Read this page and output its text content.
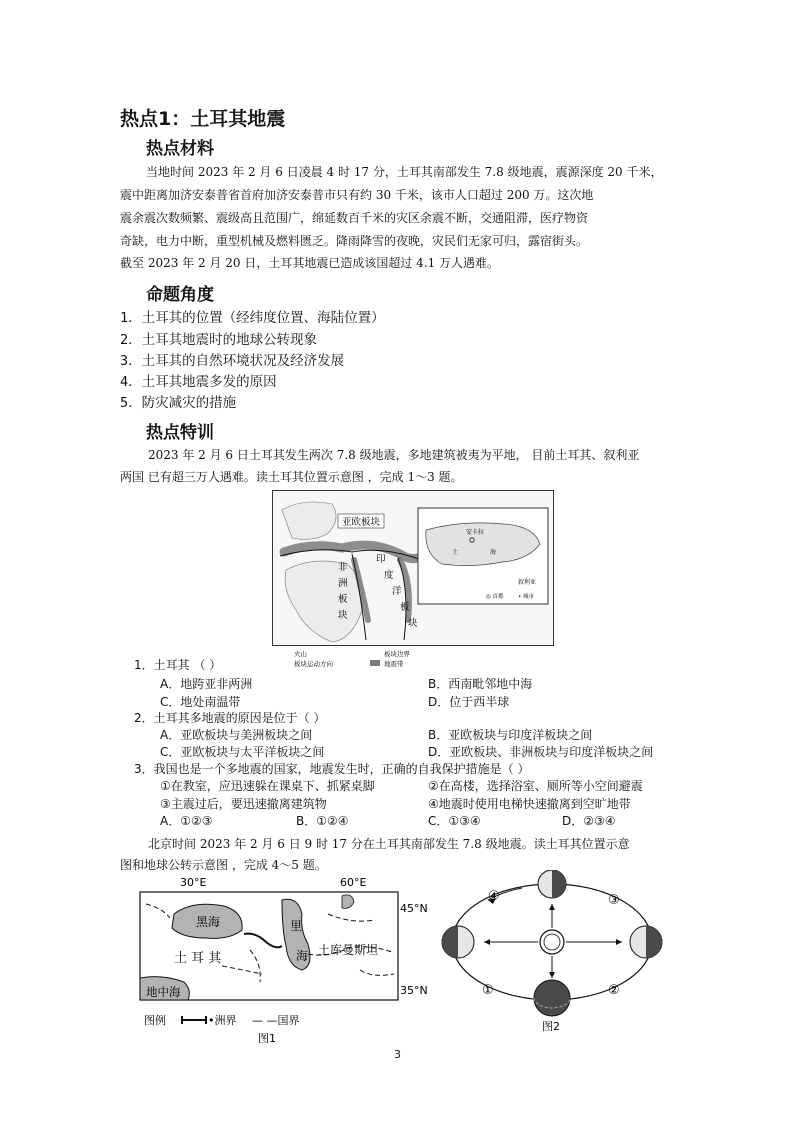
热点1：土耳其地震
热点材料
当地时间 2023 年 2 月 6 日凌晨 4 时 17 分，土耳其南部发生 7.8 级地震，震源深度 20 千米，
震中距离加济安泰普省首府加济安泰普市只有约 30 千米，该市人口超过 200 万。这次地
震余震次数频繁、震级高且范围广，绵延数百千米的灾区余震不断，交通阻滞，医疗物资
奇缺，电力中断，重型机械及燃料匮乏。降雨降雪的夜晚，灾民们无家可归，露宿街头。
截至 2023 年 2 月 20 日，土耳其地震已造成该国超过 4.1 万人遇难。
命题角度
1．土耳其的位置（经纬度位置、海陆位置）
2．土耳其地震时的地球公转现象
3．土耳其的自然环境状况及经济发展
4．土耳其地震多发的原因
5．防灾减灾的措施
热点特训
2023 年 2 月 6 日土耳其发生两次 7.8 级地震，多地建筑被夷为平地， 目前土耳其、叙利亚
两国 已有超三万人遇难。读土耳其位置示意图 ，完成 1～3 题。
亚欧板块
非
洲
板
块
印
度
洋
板
块
安卡拉
土	海
叙利亚
◎ 首都	• 城市
火山	板块边界
板块运动方向	地震带
1．土耳其 （ ）
A．地跨亚非两洲	B．西南毗邻地中海
C．地处南温带	D．位于西半球
2．土耳其多地震的原因是位于（ ）
A．亚欧板块与美洲板块之间	B．亚欧板块与印度洋板块之间
C．亚欧板块与太平洋板块之间	D．亚欧板块、非洲板块与印度洋板块之间
3．我国也是一个多地震的国家，地震发生时，正确的自我保护措施是（ ）
①在教室，应迅速躲在课桌下、抓紧桌脚	②在高楼，选择浴室、厕所等小空间避震
③主震过后，要迅速撤离建筑物	④地震时使用电梯快速撤离到空旷地带
A．①②③	B．①②④	C．①③④	D．②③④
北京时间 2023 年 2 月 6 日 9 时 17 分在土耳其南部发生 7.8 级地震。读土耳其位置示意
图和地球公转示意图 ，完成 4～5 题。
30°E	60°E
45°N
35°N
黑海
土 耳 其
里
海 土库曼斯坦
地中海
图例	•洲界 — —国界
图1
④	③
①	②
图2
3
